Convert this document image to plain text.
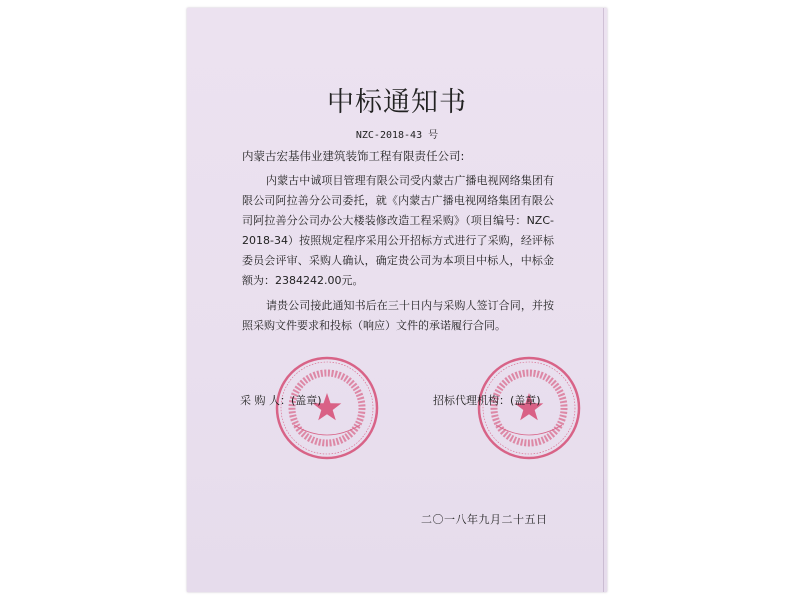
中标通知书
NZC-2018-43 号
内蒙古宏基伟业建筑装饰工程有限责任公司:

内蒙古中诚项目管理有限公司受内蒙古广播电视网络集团有限公司阿拉善分公司委托，就《内蒙古广播电视网络集团有限公司阿拉善分公司办公大楼装修改造工程采购》（项目编号：NZC-2018-34）按照规定程序采用公开招标方式进行了采购，经评标委员会评审、采购人确认，确定贵公司为本项目中标人，中标金额为：2384242.00元。

请贵公司接此通知书后在三十日内与采购人签订合同，并按照采购文件要求和投标（响应）文件的承诺履行合同。

采 购 人：(盖章)	招标代理机构：(盖章)
二〇一八年九月二十五日
